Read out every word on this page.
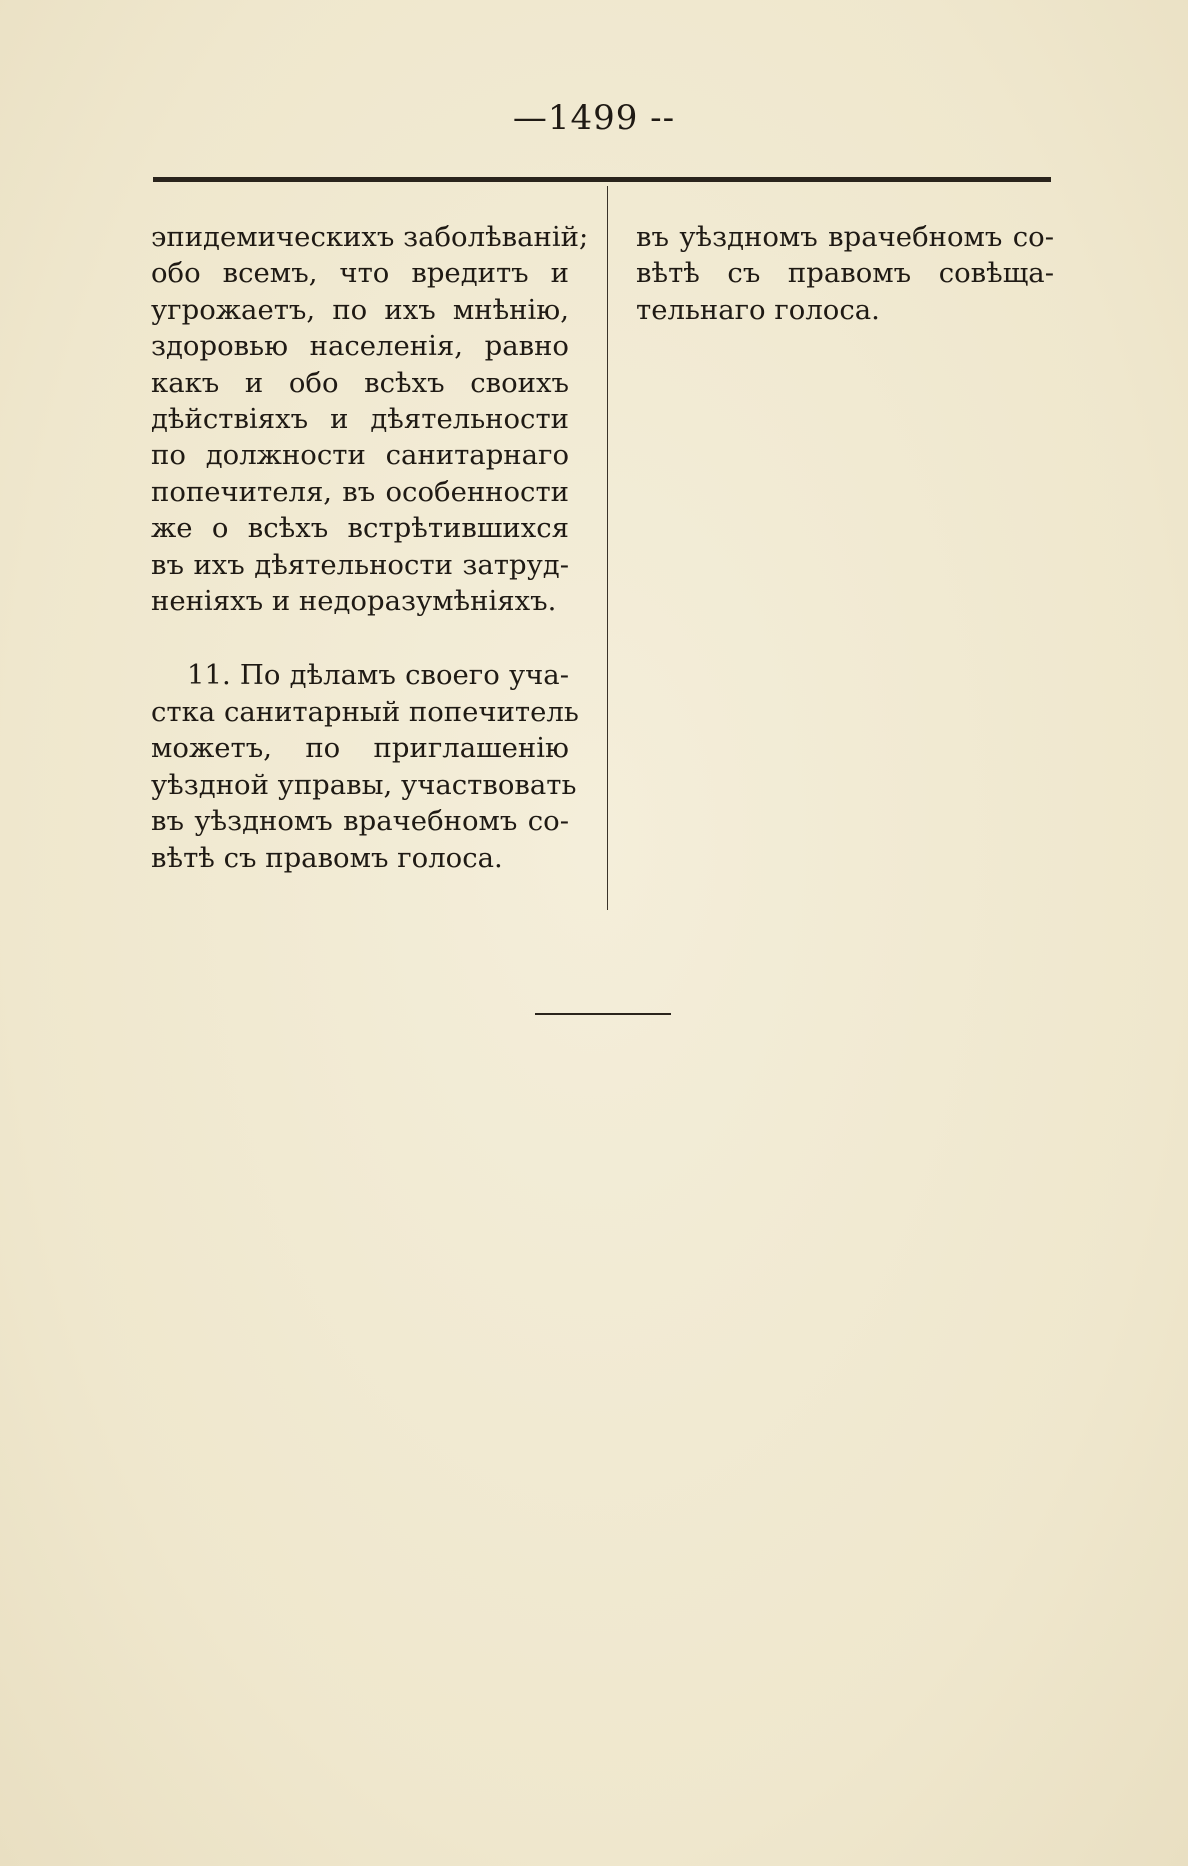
—1499 --
эпидемическихъ заболѣваній;
обо всемъ, что вредитъ и
угрожаетъ, по ихъ мнѣнію,
здоровью населенія, равно
какъ и обо всѣхъ своихъ
дѣйствіяхъ и дѣятельности
по должности санитарнаго
попечителя, въ особенности
же о всѣхъ встрѣтившихся
въ ихъ дѣятельности затруд-
неніяхъ и недоразумѣніяхъ.
11. По дѣламъ своего уча-
стка санитарный попечитель
можетъ, по приглашенію
уѣздной управы, участвовать
въ уѣздномъ врачебномъ со-
вѣтѣ съ правомъ голоса.
въ уѣздномъ врачебномъ со-
вѣтѣ съ правомъ совѣща-
тельнаго голоса.
